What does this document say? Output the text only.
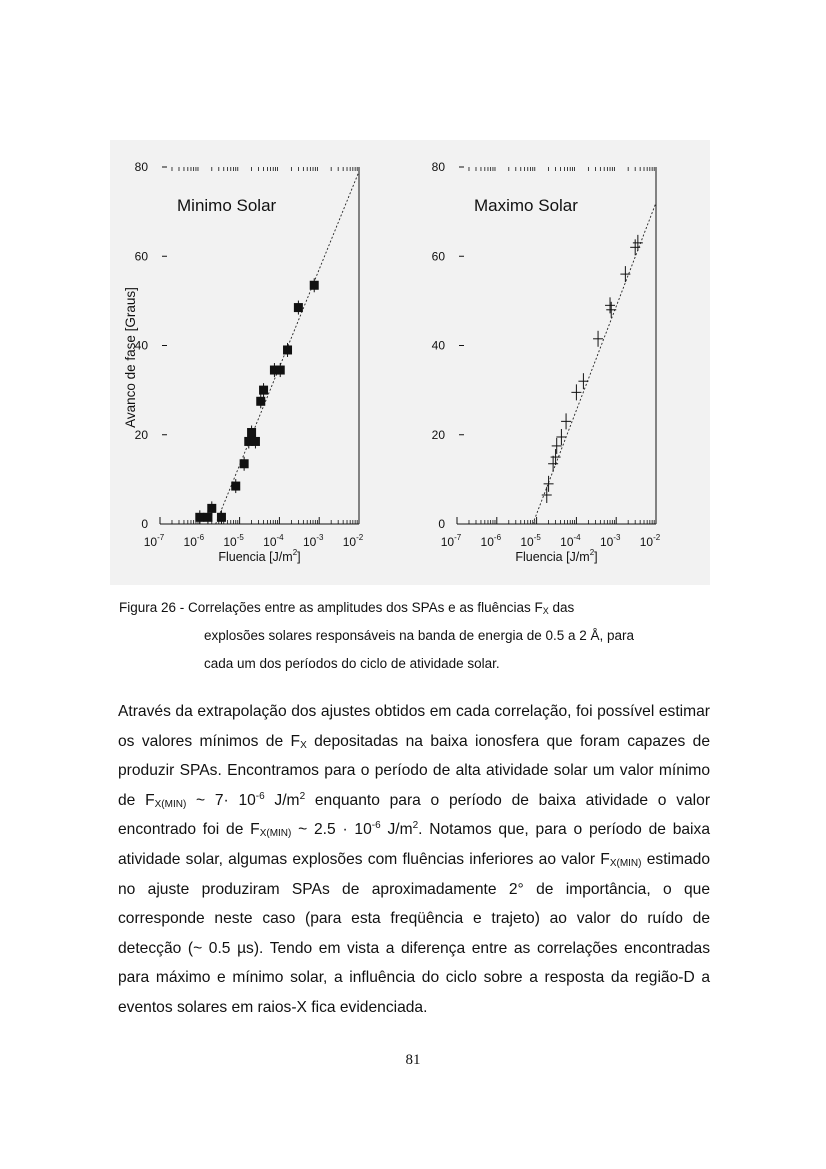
$10^{-7}$ $10^{-6}$ $10^{-5}$ $10^{-4}$ $10^{-3}$ $10^{-2}$
0
20
40
60
80
Minimo Solar
Fluencia $[J/m^2]$
Avanco de fase [Graus]
$10^{-7}$ $10^{-6}$ $10^{-5}$ $10^{-4}$ $10^{-3}$ $10^{-2}$
0
20
40
60
80
Maximo Solar
Fluencia $[J/m^2]$
Figura 26 - Correlações entre as amplitudes dos SPAs e as fluências $F_X$ das
explosões solares responsáveis na banda de energia de 0.5 a 2 Å, para
cada um dos períodos do ciclo de atividade solar.

Através da extrapolação dos ajustes obtidos em cada correlação, foi possível estimar os valores mínimos de $F_X$ depositadas na baixa ionosfera que foram capazes de produzir SPAs. Encontramos para o período de alta atividade solar um valor mínimo de $F_{X(MIN)}$ ~ $7\cdot 10^{-6}$ $J/m^2$ enquanto para o período de baixa atividade o valor encontrado foi de $F_{X(MIN)}$ ~ $2.5 \cdot 10^{-6}$ $J/m^2$. Notamos que, para o período de baixa atividade solar, algumas explosões com fluências inferiores ao valor $F_{X(MIN)}$ estimado no ajuste produziram SPAs de aproximadamente 2° de importância, o que corresponde neste caso (para esta freqüência e trajeto) ao valor do ruído de detecção (~ 0.5 µs). Tendo em vista a diferença entre as correlações encontradas para máximo e mínimo solar, a influência do ciclo sobre a resposta da região-D a eventos solares em raios-X fica evidenciada.

81
